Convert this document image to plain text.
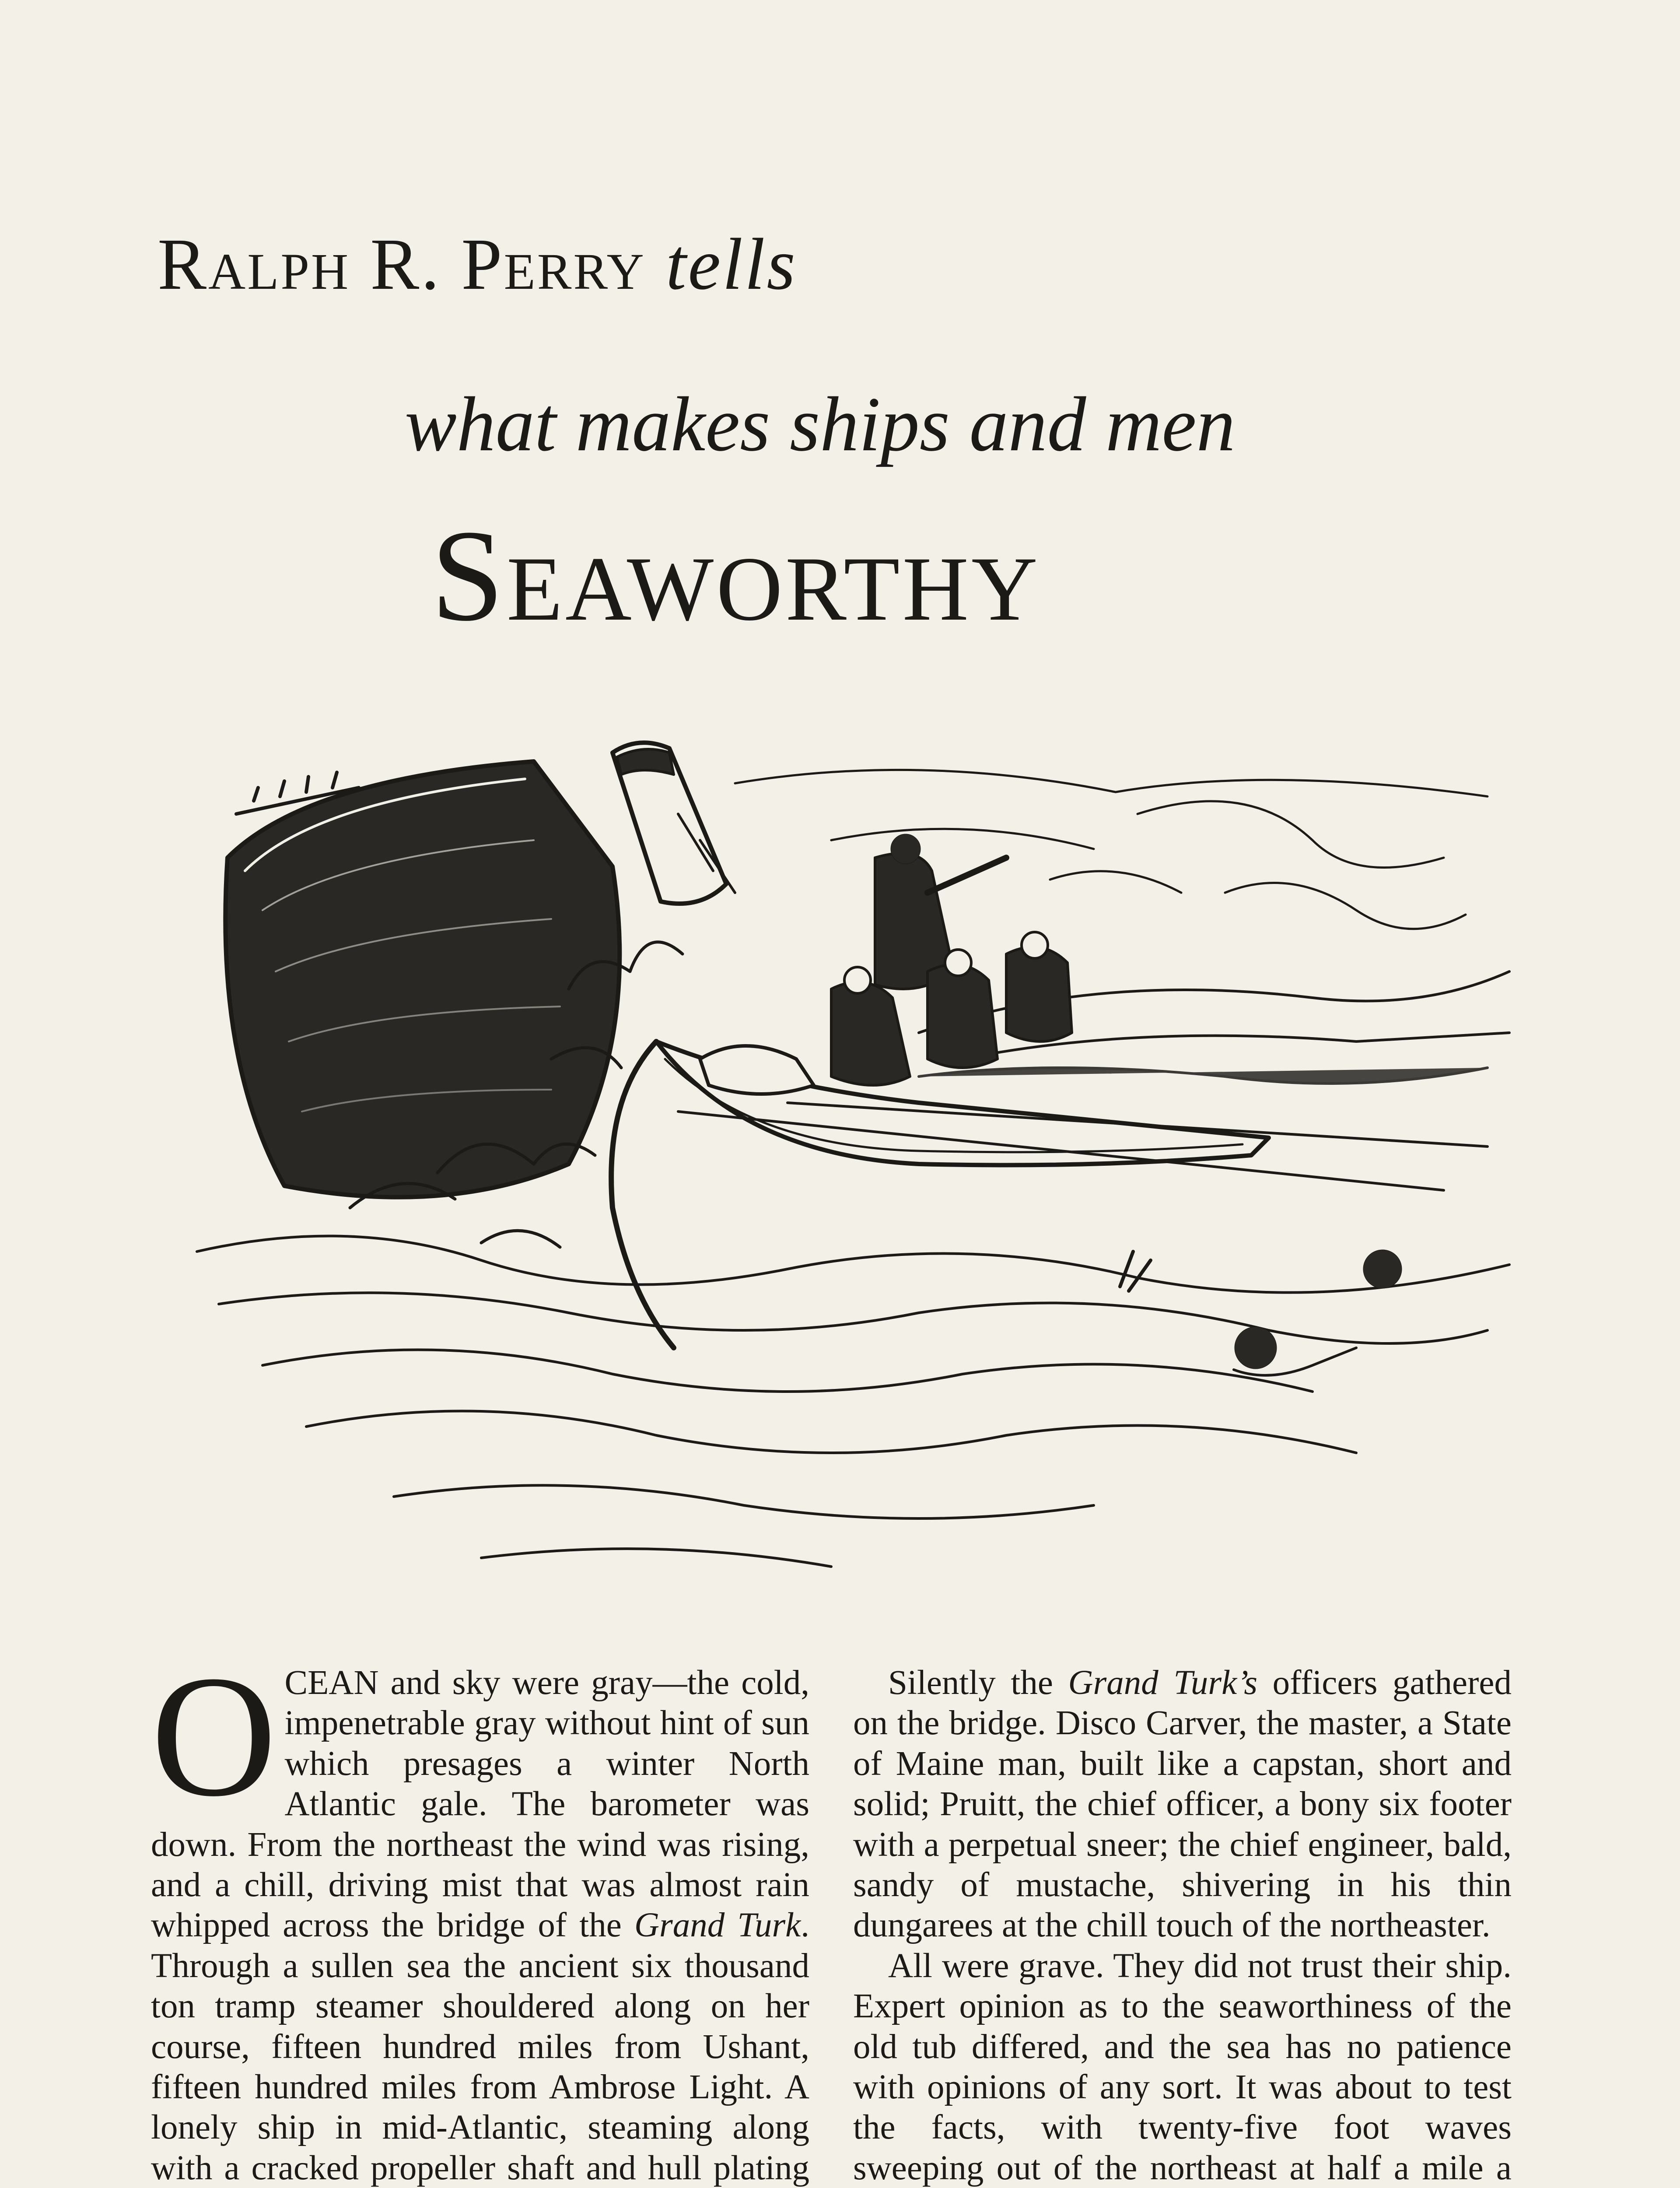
Ralph R. Perry tells
what makes ships and men
Seaworthy

OCEAN and sky were gray—the cold, impenetrable gray without hint of sun which presages a winter North Atlantic gale. The barometer was down. From the northeast the wind was rising, and a chill, driving mist that was almost rain whipped across the bridge of the Grand Turk. Through a sullen sea the ancient six thousand ton tramp steamer shouldered along on her course, fifteen hundred miles from Ushant, fifteen hundred miles from Ambrose Light. A lonely ship in mid-Atlantic, steaming along with a cracked propeller shaft and hull plating

Silently the Grand Turk’s officers gathered on the bridge. Disco Carver, the master, a State of Maine man, built like a capstan, short and solid; Pruitt, the chief officer, a bony six footer with a perpetual sneer; the chief engineer, bald, sandy of mustache, shivering in his thin dungarees at the chill touch of the northeaster.

All were grave. They did not trust their ship. Expert opinion as to the seaworthiness of the old tub differed, and the sea has no patience with opinions of any sort. It was about to test the facts, with twenty-five foot waves sweeping out of the northeast at half a mile a
